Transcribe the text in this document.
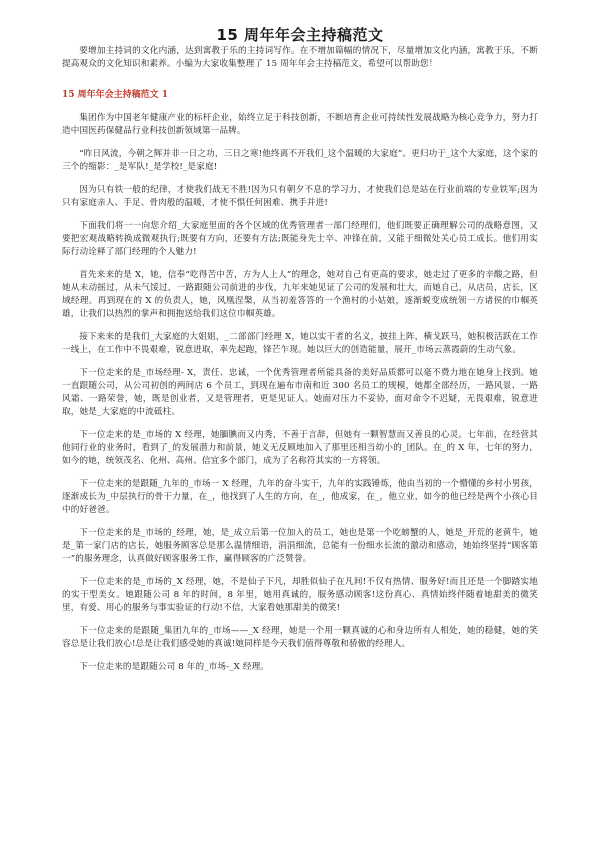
15 周年年会主持稿范文

要增加主持词的文化内涵，达到寓教于乐的主持词写作。在不增加篇幅的情况下，尽量增加文化内涵，寓教于乐，不断提高观众的文化知识和素养。小编为大家收集整理了 15 周年年会主持稿范文，希望可以帮助您！

15 周年年会主持稿范文 1

集团作为中国老年健康产业的标杆企业，始终立足于科技创新，不断培育企业可持续性发展战略为核心竞争力，努力打造中国医药保健品行业科技创新领域第一品牌。

“昨日风流，今朝之辉并非一日之功，三日之寒!他终离不开我们_这个温暖的大家庭”。更归功于_这个大家庭，这个家的三个的缩影：_是军队!_是学校!_是家庭!

因为只有铁一般的纪律，才使我们战无不胜!因为只有朝夕不息的学习力，才使我们总是站在行业前端的专业铁军;因为只有家庭亲人、手足、骨肉般的温暖，才使不惧任何困难、携手并进!

下面我们将一一向您介绍_大家庭里面的各个区域的优秀管理者一部门经理们，他们既要正确理解公司的战略意图，又要把宏观战略转换成微观执行;既要有方向，还要有方法;既能身先士卒、冲锋在前，又能于细微处关心员工成长。他们用实际行动诠释了部门经理的个人魅力!

首先来来的是 X，她，信奉“吃得苦中苦，方为人上人”的理念，她对自己有更高的要求，她走过了更多的辛酸之路，但她从未动摇过，从未气馁过，一路跟随公司前进的步伐，九年来她见证了公司的发展和壮大，而她自己，从店员，店长，区域经理。再到现在的 X 的负责人，她，风凰涅槃，从当初羞答答的一个渔村的小姑娘，逐渐蜕变成统领一方诸侯的巾帼英雄，让我们以热烈的掌声和拥抱送给我们这位巾帼英雄。

接下来来的是我们_大家庭的大姐姐，_二部部门经理 X，她以实干者的名义，披挂上阵，横戈跃马，她积极活跃在工作一线上，在工作中不畏艰难，锐意进取，率先起跑，锋芒乍现。她以巨大的创造能量，展开_市场云蒸霞蔚的生动气象。

下一位走来的是_市场经理- X，责任、忠诚，一个优秀管理者所能具备的美好品质都可以毫不费力地在她身上找到。她一直跟随公司，从公司初创的两间店 6 个员工，到现在遍布市南和近 300 名员工的规模，她都全部经历，一路风景、一路风霜、一路荣誉，她，既是创业者，又是管理者，更是见证人。她面对压力不妥协，面对命令不迟疑，无畏艰难，锐意进取，她是_大家庭的中流砥柱。

下一位走来的是_市场的 X 经理，她腼腆而又内秀，不善于言辞，但她有一颗智慧而又善良的心灵。七年前，在经营其他同行业的业务时，看到了_的发展潜力和前景，她义无反顾地加入了那里还相当幼小的_团队。在_的 X 年，七年的努力，如今的她，统领茂名、化州、高州、信宜多个部门，成为了名称符其实的一方将领。

下一位走来的是跟随_九年的_市场一 X 经理，九年的奋斗实干，九年的实践锤炼，他由当初的一个懵懂的乡村小男孩，逐渐成长为_中层执行的骨干力量，在_，他找到了人生的方向，在_，他成家，在_，他立业，如今的他已经是两个小孩心目中的好爸爸。

下一位走来的是_市场的_经理，她，是_成立后第一位加入的员工，她也是第一个吃螃蟹的人，她是_开荒的老黄牛，她是_第一家门店的店长，她服务顾客总是那么温情细语，涓涓细流，总能有一份细水长流的激动和感动，她始终坚持“顾客第一”的服务理念，认真做好顾客服务工作，赢得顾客的广泛赞誉。

下一位走来的是_市场的_X 经理，她，不是仙子下凡，却胜似仙子在凡间!不仅有热情、服务好!而且还是一个脚踏实地的实干型美女。她跟随公司 8 年的时间，8 年里，她用真诚的，服务感动顾客!这份真心、真情始终伴随着她甜美的微笑里，有爱、用心的服务与事实验证的行动!不信，大家看她那甜美的微笑!

下一位走来的是跟随_集团九年的_市场——_X 经理，她是一个用一颗真诚的心和身边所有人相处，她的稳健，她的笑容总是让我们放心!总是让我们感受她的真诚!她同样是今天我们值得尊敬和骄傲的经理人。

下一位走来的是跟随公司 8 年的_市场-_X 经理。
